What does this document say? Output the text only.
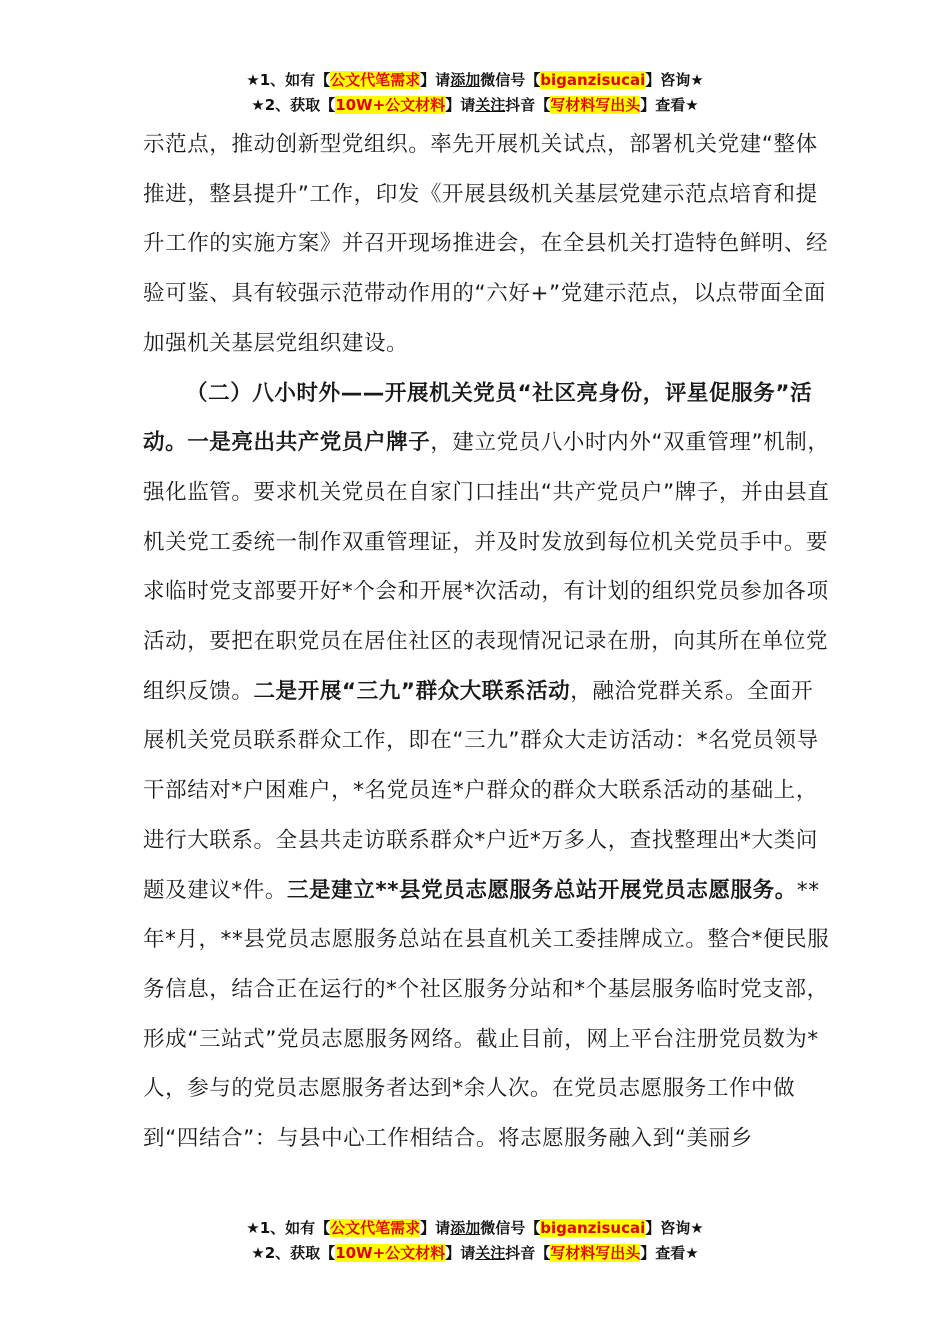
★1、如有【公文代笔需求】请添加微信号【biganzisucai】咨询★
★2、获取【10W+公文材料】请关注抖音【写材料写出头】查看★

示范点，推动创新型党组织。率先开展机关试点，部署机关党建“整体推进，整县提升”工作，印发《开展县级机关基层党建示范点培育和提升工作的实施方案》并召开现场推进会，在全县机关打造特色鲜明、经验可鉴、具有较强示范带动作用的“六好+”党建示范点，以点带面全面加强机关基层党组织建设。

（二）八小时外——开展机关党员“社区亮身份，评星促服务”活动。一是亮出共产党员户牌子，建立党员八小时内外“双重管理”机制，强化监管。要求机关党员在自家门口挂出“共产党员户”牌子，并由县直机关党工委统一制作双重管理证，并及时发放到每位机关党员手中。要求临时党支部要开好*个会和开展*次活动，有计划的组织党员参加各项活动，要把在职党员在居住社区的表现情况记录在册，向其所在单位党组织反馈。二是开展“三九”群众大联系活动，融洽党群关系。全面开展机关党员联系群众工作，即在“三九”群众大走访活动：*名党员领导干部结对*户困难户，*名党员连*户群众的群众大联系活动的基础上，进行大联系。全县共走访联系群众*户近*万多人，查找整理出*大类问题及建议*件。三是建立**县党员志愿服务总站开展党员志愿服务。**年*月，**县党员志愿服务总站在县直机关工委挂牌成立。整合*便民服务信息，结合正在运行的*个社区服务分站和*个基层服务临时党支部，形成“三站式”党员志愿服务网络。截止目前，网上平台注册党员数为*人，参与的党员志愿服务者达到*余人次。在党员志愿服务工作中做到“四结合”：与县中心工作相结合。将志愿服务融入到“美丽乡

★1、如有【公文代笔需求】请添加微信号【biganzisucai】咨询★
★2、获取【10W+公文材料】请关注抖音【写材料写出头】查看★
